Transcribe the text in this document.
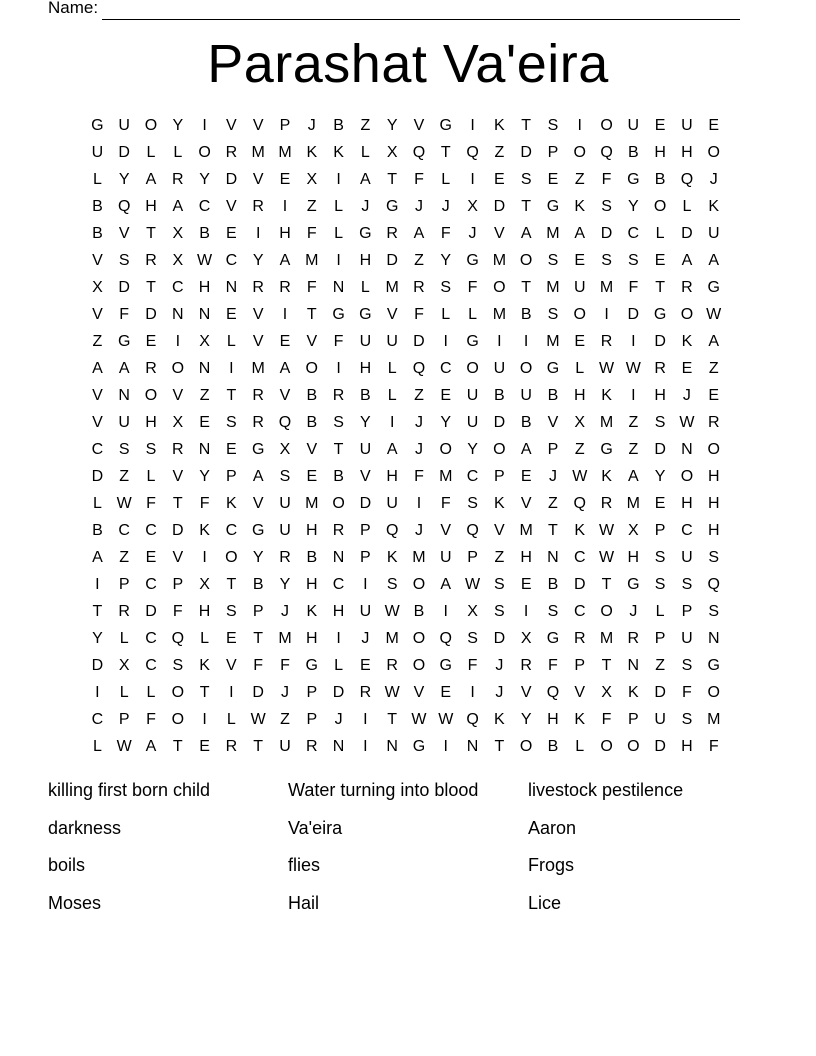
Name:
Parashat Va'eira
G U O Y	I	V	V	P	J	B	Z	Y	V G	I	K	T	S	I	O U E U E
U D	L	L	O R M M K	K	L	X Q T Q Z	D P O Q B H H O
L	Y	A R Y D V	E	X	I	A	T	F	L	I	E	S	E	Z	F G B Q	J
B Q H A C V R	I	Z	L	J	G	J	J	X D	T G K	S	Y O	L	K
B	V	T	X	B	E	I	H	F	L	G R A	F	J	V	A M A D C	L	D U
V	S R X W C Y	A M	I	H D	Z	Y G M O S	E	S	S	E	A	A
X D	T	C H N R R	F	N	L M R S	F O T M U M F	T	R G
V	F	D N N E	V	I	T G G V	F	L	L M B	S O	I	D G O W
Z G E	I	X	L	V	E	V	F	U U D	I	G	I	I	M E R	I	D K	A
A	A R O N	I	M A O	I	H	L	Q C O U O G	L W W R E	Z
V N O V	Z	T	R V	B R B	L	Z	E U B U B H K	I	H	J	E
V U H X	E	S R Q B	S	Y	I	J	Y U D B	V	X M Z	S W R
C S	S R N E G X	V	T	U A	J	O Y O A	P	Z G Z	D N O
D	Z	L	V	Y	P	A	S	E	B	V H	F M C P	E	J W K	A	Y O H
L W F	T	F	K	V U M O D U	I	F	S	K	V	Z Q R M E H H
B C C D K C G U H R P Q	J	V Q V M T	K W X	P C H
A	Z	E	V	I	O Y R B N P	K M U P	Z	H N C W H S U S
I	P C P	X	T	B	Y H C	I	S O A W S	E	B D	T G S	S Q
T	R D	F	H S	P	J	K H U W B	I	X	S	I	S C O	J	L	P	S
Y	L	C Q	L	E	T M H	I	J	M O Q S D X G R M R P U N
D X C S	K	V	F	F G	L	E R O G F	J	R	F	P	T	N	Z	S G
I	L	L	O T	I	D	J	P D R W V	E	I	J	V Q V	X	K D	F O
C P	F O	I	L W Z	P	J	I	T W W Q K	Y H K	F	P U S M
L W A	T	E R	T	U R N	I	N G	I	N	T O B	L	O O D H	F
killing first born child	Water turning into blood	livestock pestilence
darkness	Va'eira	Aaron
boils	flies	Frogs
Moses	Hail	Lice
